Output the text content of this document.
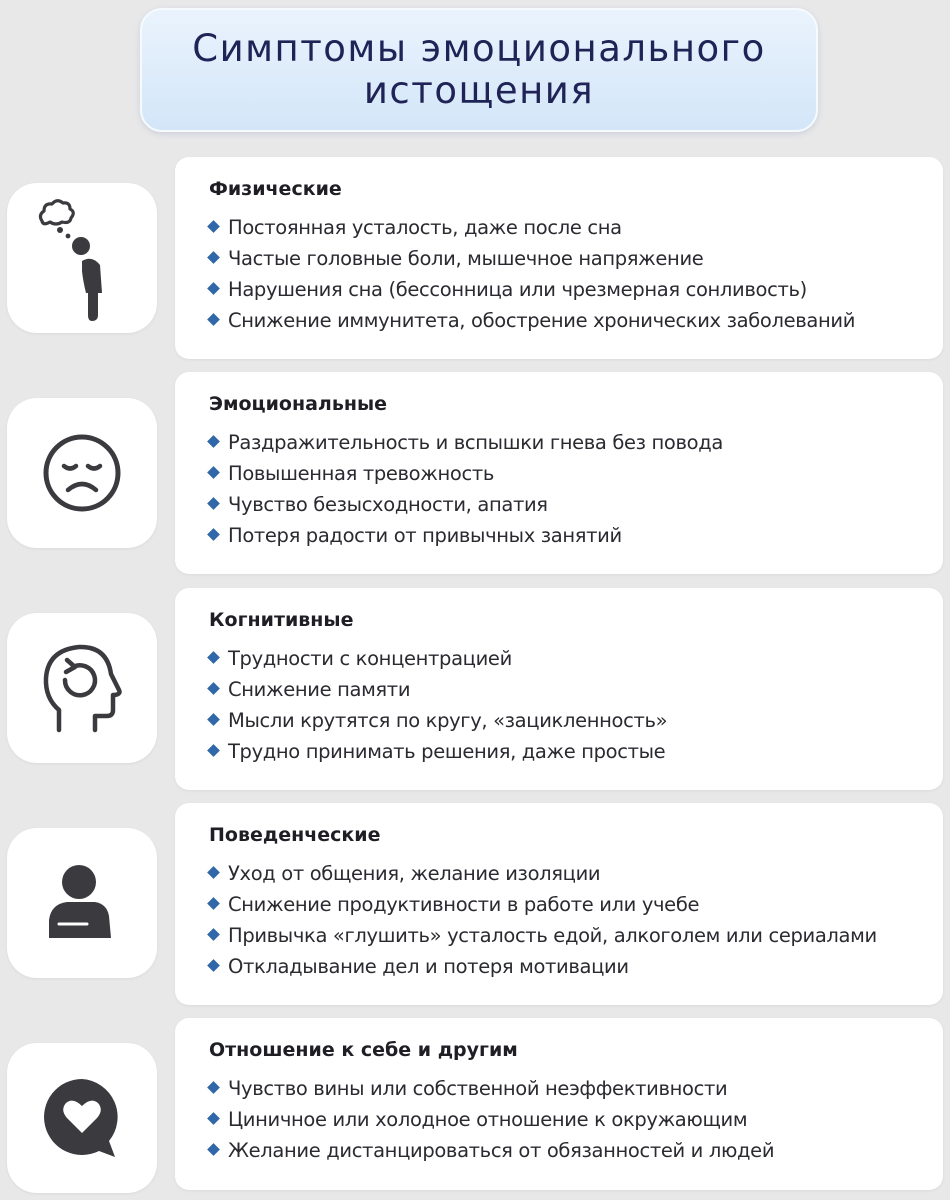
Симптомы эмоционального истощения
Физические
Постоянная усталость, даже после сна
Частые головные боли, мышечное напряжение
Нарушения сна (бессонница или чрезмерная сонливость)
Снижение иммунитета, обострение хронических заболеваний
Эмоциональные
Раздражительность и вспышки гнева без повода
Повышенная тревожность
Чувство безысходности, апатия
Потеря радости от привычных занятий
Когнитивные
Трудности с концентрацией
Снижение памяти
Мысли крутятся по кругу, «зацикленность»
Трудно принимать решения, даже простые
Поведенческие
Уход от общения, желание изоляции
Снижение продуктивности в работе или учебе
Привычка «глушить» усталость едой, алкоголем или сериалами
Откладывание дел и потеря мотивации
Отношение к себе и другим
Чувство вины или собственной неэффективности
Циничное или холодное отношение к окружающим
Желание дистанцироваться от обязанностей и людей
